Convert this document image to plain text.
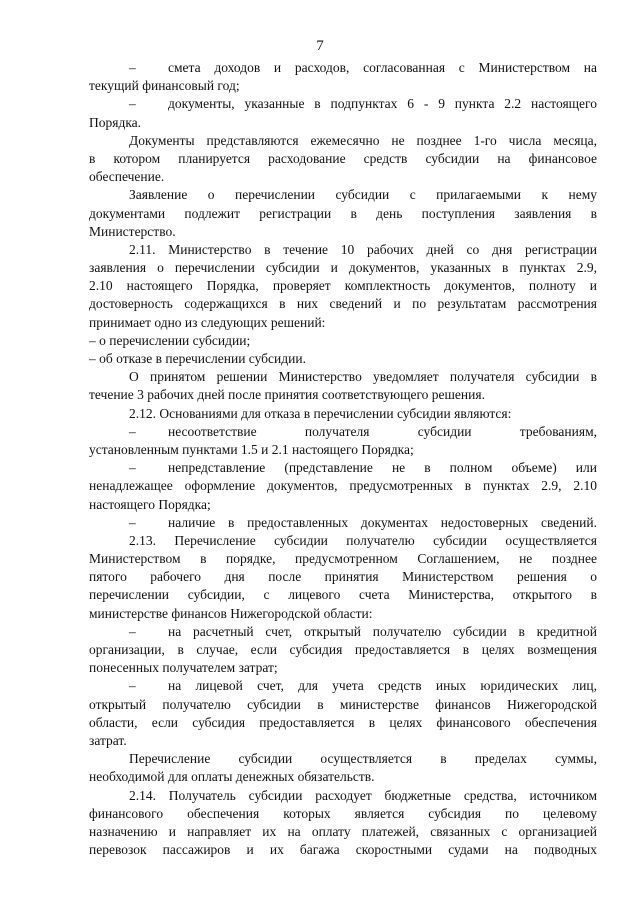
7
–	смета доходов и расходов, согласованная с Министерством на
текущий финансовый год;
–	документы, указанные в подпунктах 6 - 9 пункта 2.2 настоящего
Порядка.
Документы представляются ежемесячно не позднее 1-го числа месяца,
в котором планируется расходование средств субсидии на финансовое
обеспечение.
Заявление о перечислении субсидии с прилагаемыми к нему
документами подлежит регистрации в день поступления заявления в
Министерство.
2.11. Министерство в течение 10 рабочих дней со дня регистрации
заявления о перечислении субсидии и документов, указанных в пунктах 2.9,
2.10 настоящего Порядка, проверяет комплектность документов, полноту и
достоверность содержащихся в них сведений и по результатам рассмотрения
принимает одно из следующих решений:
– о перечислении субсидии;
– об отказе в перечислении субсидии.
О принятом решении Министерство уведомляет получателя субсидии в
течение 3 рабочих дней после принятия соответствующего решения.
2.12. Основаниями для отказа в перечислении субсидии являются:
–	несоответствие получателя субсидии требованиям,
установленным пунктами 1.5 и 2.1 настоящего Порядка;
–	непредставление (представление не в полном объеме) или
ненадлежащее оформление документов, предусмотренных в пунктах 2.9, 2.10
настоящего Порядка;
–	наличие в предоставленных документах недостоверных сведений.
2.13. Перечисление субсидии получателю субсидии осуществляется
Министерством в порядке, предусмотренном Соглашением, не позднее
пятого рабочего дня после принятия Министерством решения о
перечислении субсидии, с лицевого счета Министерства, открытого в
министерстве финансов Нижегородской области:
–	на расчетный счет, открытый получателю субсидии в кредитной
организации, в случае, если субсидия предоставляется в целях возмещения
понесенных получателем затрат;
–	на лицевой счет, для учета средств иных юридических лиц,
открытый получателю субсидии в министерстве финансов Нижегородской
области, если субсидия предоставляется в целях финансового обеспечения
затрат.
Перечисление субсидии осуществляется в пределах суммы,
необходимой для оплаты денежных обязательств.
2.14. Получатель субсидии расходует бюджетные средства, источником
финансового обеспечения которых является субсидия по целевому
назначению и направляет их на оплату платежей, связанных с организацией
перевозок пассажиров и их багажа скоростными судами на подводных
